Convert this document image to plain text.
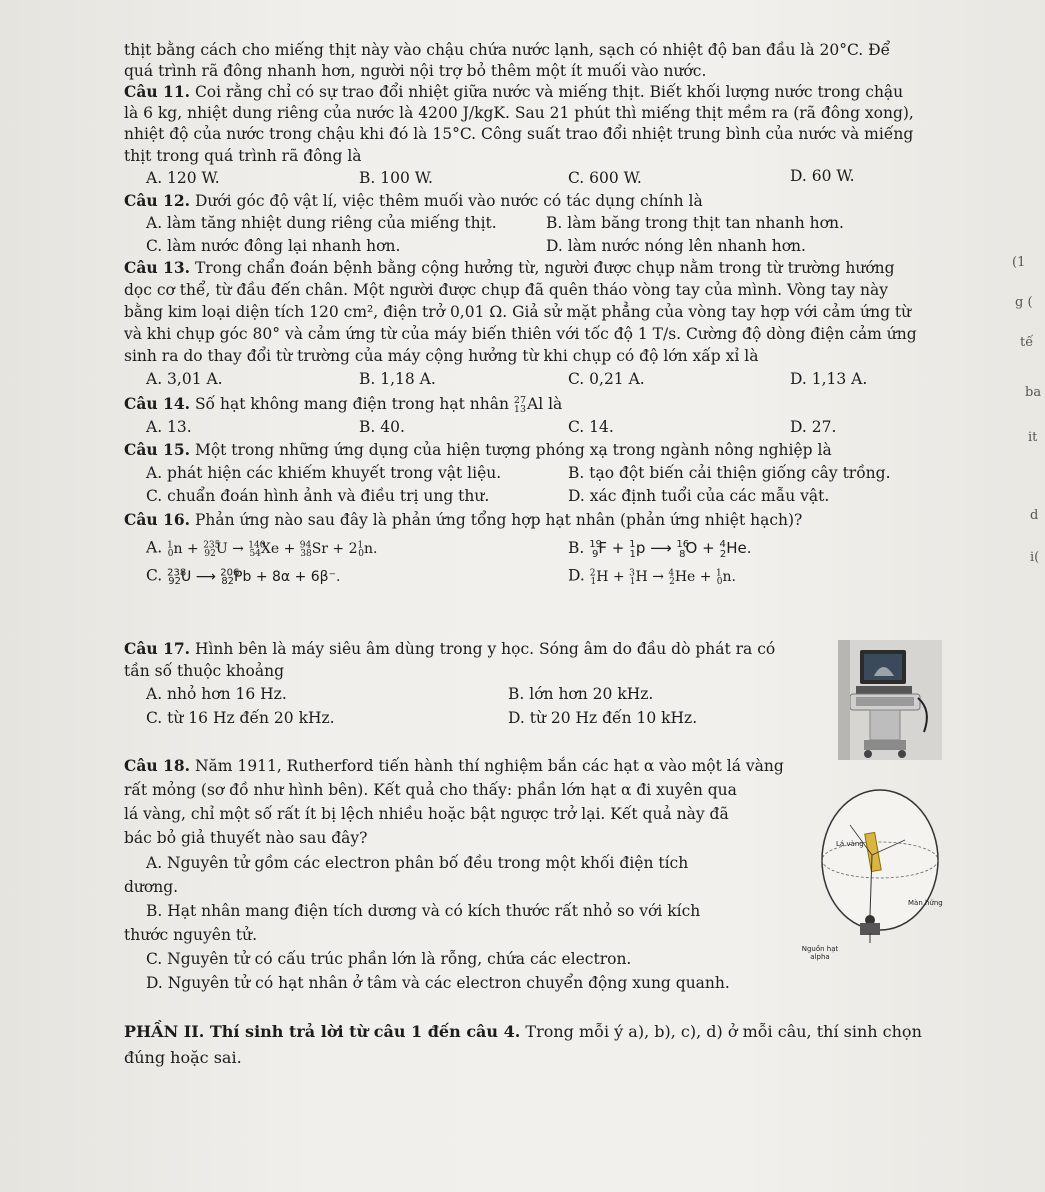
thịt bằng cách cho miếng thịt này vào chậu chứa nước lạnh, sạch có nhiệt độ ban đầu là 20°C. Để
quá trình rã đông nhanh hơn, người nội trợ bỏ thêm một ít muối vào nước.
Câu 11. Coi rằng chỉ có sự trao đổi nhiệt giữa nước và miếng thịt. Biết khối lượng nước trong chậu
là 6 kg, nhiệt dung riêng của nước là 4200 J/kgK. Sau 21 phút thì miếng thịt mềm ra (rã đông xong),
nhiệt độ của nước trong chậu khi đó là 15°C. Công suất trao đổi nhiệt trung bình của nước và miếng
thịt trong quá trình rã đông là
A. 120 W.	B. 100 W.	C. 600 W.	D. 60 W.
Câu 12. Dưới góc độ vật lí, việc thêm muối vào nước có tác dụng chính là
A. làm tăng nhiệt dung riêng của miếng thịt.	B. làm băng trong thịt tan nhanh hơn.
C. làm nước đông lại nhanh hơn.	D. làm nước nóng lên nhanh hơn.
Câu 13. Trong chẩn đoán bệnh bằng cộng hưởng từ, người được chụp nằm trong từ trường hướng
dọc cơ thể, từ đầu đến chân. Một người được chụp đã quên tháo vòng tay của mình. Vòng tay này
bằng kim loại diện tích 120 cm², điện trở 0,01 Ω. Giả sử mặt phẳng của vòng tay hợp với cảm ứng từ
và khi chụp góc 80° và cảm ứng từ của máy biến thiên với tốc độ 1 T/s. Cường độ dòng điện cảm ứng
sinh ra do thay đổi từ trường của máy cộng hưởng từ khi chụp có độ lớn xấp xỉ là
A. 3,01 A.	B. 1,18 A.	C. 0,21 A.	D. 1,13 A.
Câu 14. Số hạt không mang điện trong hạt nhân 27
13 Al là
A. 13.	B. 40.	C. 14.	D. 27.
Câu 15. Một trong những ứng dụng của hiện tượng phóng xạ trong ngành nông nghiệp là
A. phát hiện các khiếm khuyết trong vật liệu.	B. tạo đột biến cải thiện giống cây trồng.
C. chuẩn đoán hình ảnh và điều trị ung thư.	D. xác định tuổi của các mẫu vật.
Câu 16. Phản ứng nào sau đây là phản ứng tổng hợp hạt nhân (phản ứng nhiệt hạch)?
A. $^1_0n + ^{235}_{92}U \to ^{140}_{54}Xe + ^{94}_{38}Sr + 2^1_0n$.	B. $^{19}_9$F + $^1_1$p ⟶ $^{16}_8$O + $^4_2$He.
C. $^{238}_{92}$U ⟶ $^{206}_{82}$Pb + 8α + 6β⁻.	D. $^2_1$H + $^3_1$H → $^4_2$He + $^1_0$n.
Câu 17. Hình bên là máy siêu âm dùng trong y học. Sóng âm do đầu dò phát ra có
tần số thuộc khoảng
A. nhỏ hơn 16 Hz.	B. lớn hơn 20 kHz.
C. từ 16 Hz đến 20 kHz.	D. từ 20 Hz đến 10 kHz.
Câu 18. Năm 1911, Rutherford tiến hành thí nghiệm bắn các hạt α vào một lá vàng
rất mỏng (sơ đồ như hình bên). Kết quả cho thấy: phần lớn hạt α đi xuyên qua
lá vàng, chỉ một số rất ít bị lệch nhiều hoặc bật ngược trở lại. Kết quả này đã
bác bỏ giả thuyết nào sau đây?
A. Nguyên tử gồm các electron phân bố đều trong một khối điện tích
dương.
B. Hạt nhân mang điện tích dương và có kích thước rất nhỏ so với kích
thước nguyên tử.
C. Nguyên tử có cấu trúc phần lớn là rỗng, chứa các electron.
D. Nguyên tử có hạt nhân ở tâm và các electron chuyển động xung quanh.
Lá vàng
Màn hứng
Nguồn hạt alpha
PHẦN II. Thí sinh trả lời từ câu 1 đến câu 4. Trong mỗi ý a), b), c), d) ở mỗi câu, thí sinh chọn
đúng hoặc sai.
(1
g (
tế
ba
it
d
i(
